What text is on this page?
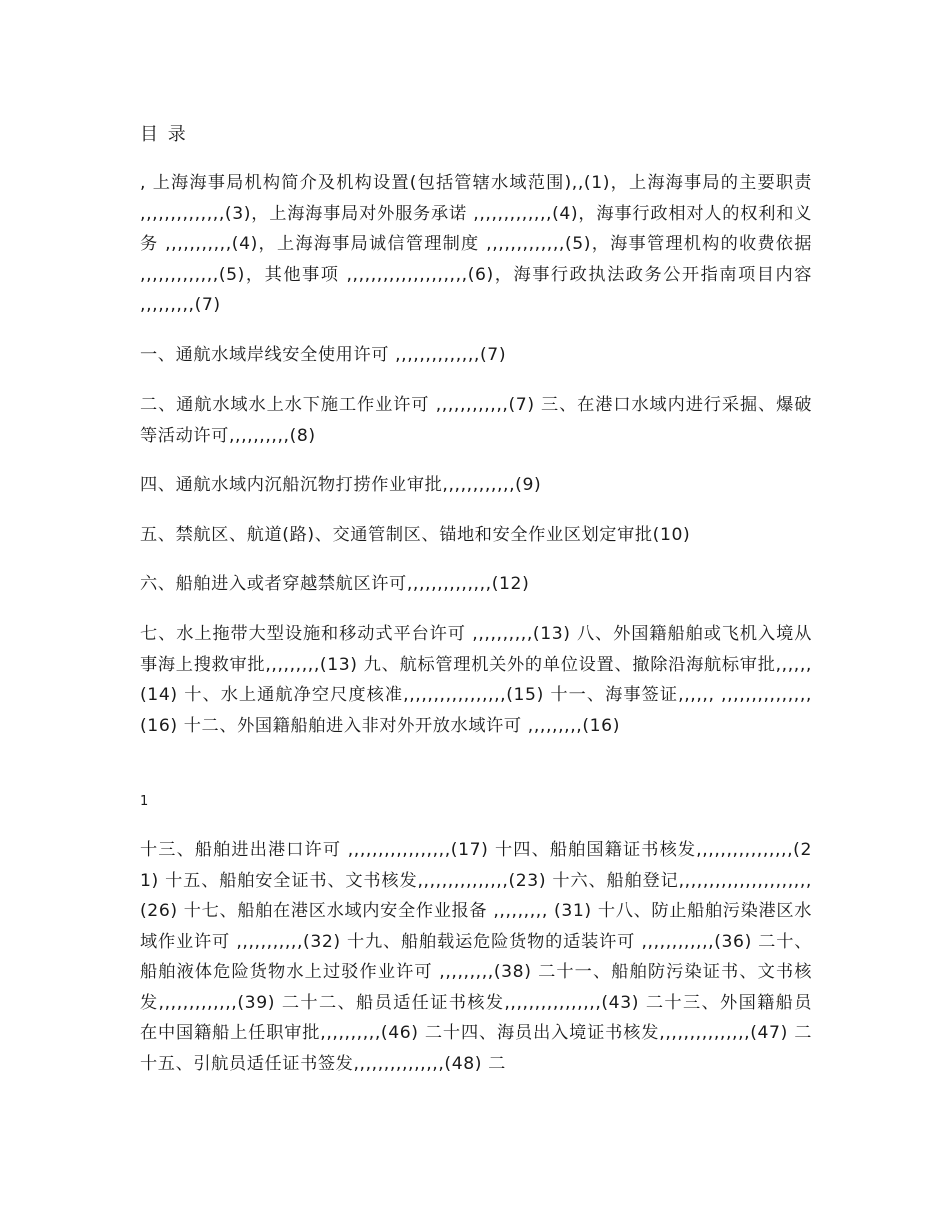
目 录
, 上海海事局机构简介及机构设置(包括管辖水域范围),,(1)，上海海事局的主要职责 ,,,,,,,,,,,,,,(3)，上海海事局对外服务承诺 ,,,,,,,,,,,,,(4)，海事行政相对人的权利和义务 ,,,,,,,,,,,(4)，上海海事局诚信管理制度 ,,,,,,,,,,,,,(5)，海事管理机构的收费依据 ,,,,,,,,,,,,,(5)，其他事项 ,,,,,,,,,,,,,,,,,,,,(6)，海事行政执法政务公开指南项目内容 ,,,,,,,,,(7)
一、通航水域岸线安全使用许可 ,,,,,,,,,,,,,,(7)
二、通航水域水上水下施工作业许可 ,,,,,,,,,,,,(7) 三、在港口水域内进行采掘、爆破等活动许可,,,,,,,,,,(8)
四、通航水域内沉船沉物打捞作业审批,,,,,,,,,,,,(9)
五、禁航区、航道(路)、交通管制区、锚地和安全作业区划定审批(10)
六、船舶进入或者穿越禁航区许可,,,,,,,,,,,,,,(12)
七、水上拖带大型设施和移动式平台许可 ,,,,,,,,,,(13) 八、外国籍船舶或飞机入境从事海上搜救审批,,,,,,,,,(13) 九、航标管理机关外的单位设置、撤除沿海航标审批,,,,,,(14) 十、水上通航净空尺度核准,,,,,,,,,,,,,,,,,(15) 十一、海事签证,,,,,, ,,,,,,,,,,,,,,,(16) 十二、外国籍船舶进入非对外开放水域许可 ,,,,,,,,,(16)
1
十三、船舶进出港口许可 ,,,,,,,,,,,,,,,,,(17) 十四、船舶国籍证书核发,,,,,,,,,,,,,,,,(21) 十五、船舶安全证书、文书核发,,,,,,,,,,,,,,,(23) 十六、船舶登记,,,,,,,,,,,,,,,,,,,,,,(26) 十七、船舶在港区水域内安全作业报备 ,,,,,,,,, (31) 十八、防止船舶污染港区水域作业许可 ,,,,,,,,,,,(32) 十九、船舶载运危险货物的适装许可 ,,,,,,,,,,,,(36) 二十、船舶液体危险货物水上过驳作业许可 ,,,,,,,,,(38) 二十一、船舶防污染证书、文书核发,,,,,,,,,,,,,(39) 二十二、船员适任证书核发,,,,,,,,,,,,,,,,(43) 二十三、外国籍船员在中国籍船上任职审批,,,,,,,,,,(46) 二十四、海员出入境证书核发,,,,,,,,,,,,,,,(47) 二十五、引航员适任证书签发,,,,,,,,,,,,,,,(48) 二
